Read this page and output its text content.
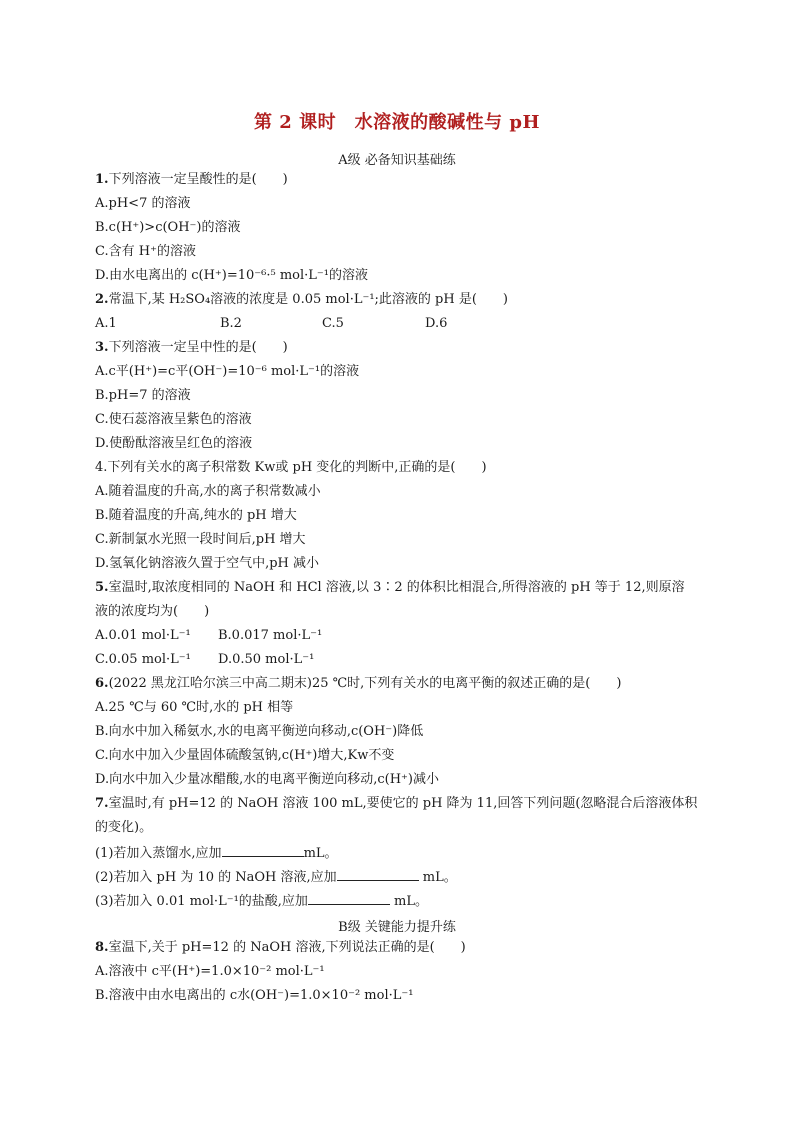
第 2 课时　水溶液的酸碱性与 pH
A级 必备知识基础练
1.下列溶液一定呈酸性的是(　　)
A.pH<7 的溶液
B.c(H⁺)>c(OH⁻)的溶液
C.含有 H⁺的溶液
D.由水电离出的 c(H⁺)=10⁻⁶·⁵ mol·L⁻¹的溶液
2.常温下,某 H₂SO₄溶液的浓度是 0.05 mol·L⁻¹;此溶液的 pH 是(　　)
A.1	B.2	C.5	D.6
3.下列溶液一定呈中性的是(　　)
A.c平(H⁺)=c平(OH⁻)=10⁻⁶ mol·L⁻¹的溶液
B.pH=7 的溶液
C.使石蕊溶液呈紫色的溶液
D.使酚酞溶液呈红色的溶液
4.下列有关水的离子积常数 Kw或 pH 变化的判断中,正确的是(　　)
A.随着温度的升高,水的离子积常数减小
B.随着温度的升高,纯水的 pH 增大
C.新制氯水光照一段时间后,pH 增大
D.氢氧化钠溶液久置于空气中,pH 减小
5.室温时,取浓度相同的 NaOH 和 HCl 溶液,以 3∶2 的体积比相混合,所得溶液的 pH 等于 12,则原溶
液的浓度均为(　　)
A.0.01 mol·L⁻¹ B.0.017 mol·L⁻¹
C.0.05 mol·L⁻¹ D.0.50 mol·L⁻¹
6.(2022 黑龙江哈尔滨三中高二期末)25 ℃时,下列有关水的电离平衡的叙述正确的是(　　)
A.25 ℃与 60 ℃时,水的 pH 相等
B.向水中加入稀氨水,水的电离平衡逆向移动,c(OH⁻)降低
C.向水中加入少量固体硫酸氢钠,c(H⁺)增大,Kw不变
D.向水中加入少量冰醋酸,水的电离平衡逆向移动,c(H⁺)减小
7.室温时,有 pH=12 的 NaOH 溶液 100 mL,要使它的 pH 降为 11,回答下列问题(忽略混合后溶液体积
的变化)。
(1)若加入蒸馏水,应加	mL。
(2)若加入 pH 为 10 的 NaOH 溶液,应加	mL。
(3)若加入 0.01 mol·L⁻¹的盐酸,应加	mL。
B级 关键能力提升练
8.室温下,关于 pH=12 的 NaOH 溶液,下列说法正确的是(　　)
A.溶液中 c平(H⁺)=1.0×10⁻² mol·L⁻¹
B.溶液中由水电离出的 c水(OH⁻)=1.0×10⁻² mol·L⁻¹
